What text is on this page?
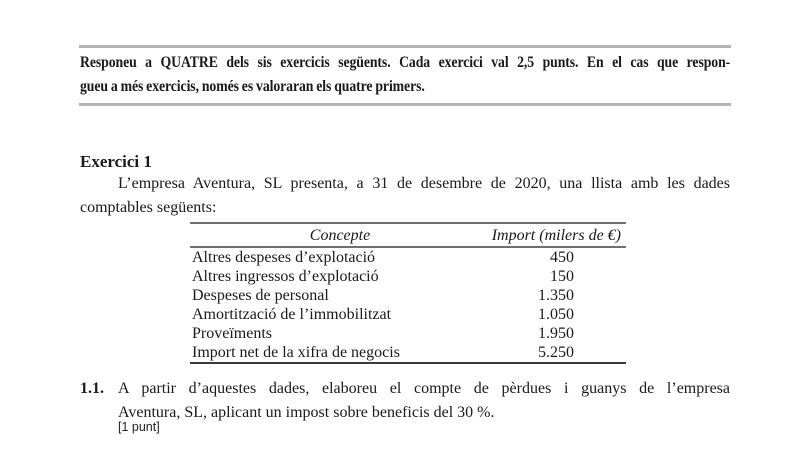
Responeu a QUATRE dels sis exercicis següents. Cada exercici val 2,5 punts. En el cas que respon-
gueu a més exercicis, només es valoraran els quatre primers.
Exercici 1
L’empresa Aventura, SL presenta, a 31 de desembre de 2020, una llista amb les dades
comptables següents:
Concepte	Import (milers de €)
Altres despeses d’explotació	450
Altres ingressos d’explotació	150
Despeses de personal	1.350
Amortització de l’immobilitzat	1.050
Proveïments	1.950
Import net de la xifra de negocis	5.250
1.1. A partir d’aquestes dades, elaboreu el compte de pèrdues i guanys de l’empresa
Aventura, SL, aplicant un impost sobre beneficis del 30 %.
[1 punt]
